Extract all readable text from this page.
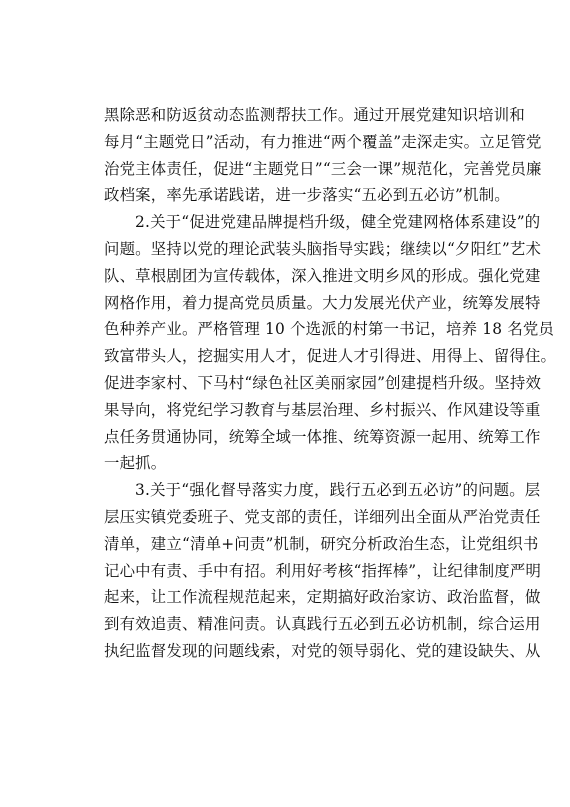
黑除恶和防返贫动态监测帮扶工作。通过开展党建知识培训和
每月“主题党日”活动，有力推进“两个覆盖”走深走实。立足管党
治党主体责任，促进“主题党日”“三会一课”规范化，完善党员廉
政档案，率先承诺践诺，进一步落实“五必到五必访”机制。
2.关于“促进党建品牌提档升级，健全党建网格体系建设”的
问题。坚持以党的理论武装头脑指导实践；继续以“夕阳红”艺术
队、草根剧团为宣传载体，深入推进文明乡风的形成。强化党建
网格作用，着力提高党员质量。大力发展光伏产业，统筹发展特
色种养产业。严格管理 10 个选派的村第一书记，培养 18 名党员
致富带头人，挖掘实用人才，促进人才引得进、用得上、留得住。
促进李家村、下马村“绿色社区美丽家园”创建提档升级。坚持效
果导向，将党纪学习教育与基层治理、乡村振兴、作风建设等重
点任务贯通协同，统筹全域一体推、统筹资源一起用、统筹工作
一起抓。
3.关于“强化督导落实力度，践行五必到五必访”的问题。层
层压实镇党委班子、党支部的责任，详细列出全面从严治党责任
清单，建立“清单+问责”机制，研究分析政治生态，让党组织书
记心中有责、手中有招。利用好考核“指挥棒”，让纪律制度严明
起来，让工作流程规范起来，定期搞好政治家访、政治监督，做
到有效追责、精准问责。认真践行五必到五必访机制，综合运用
执纪监督发现的问题线索，对党的领导弱化、党的建设缺失、从
